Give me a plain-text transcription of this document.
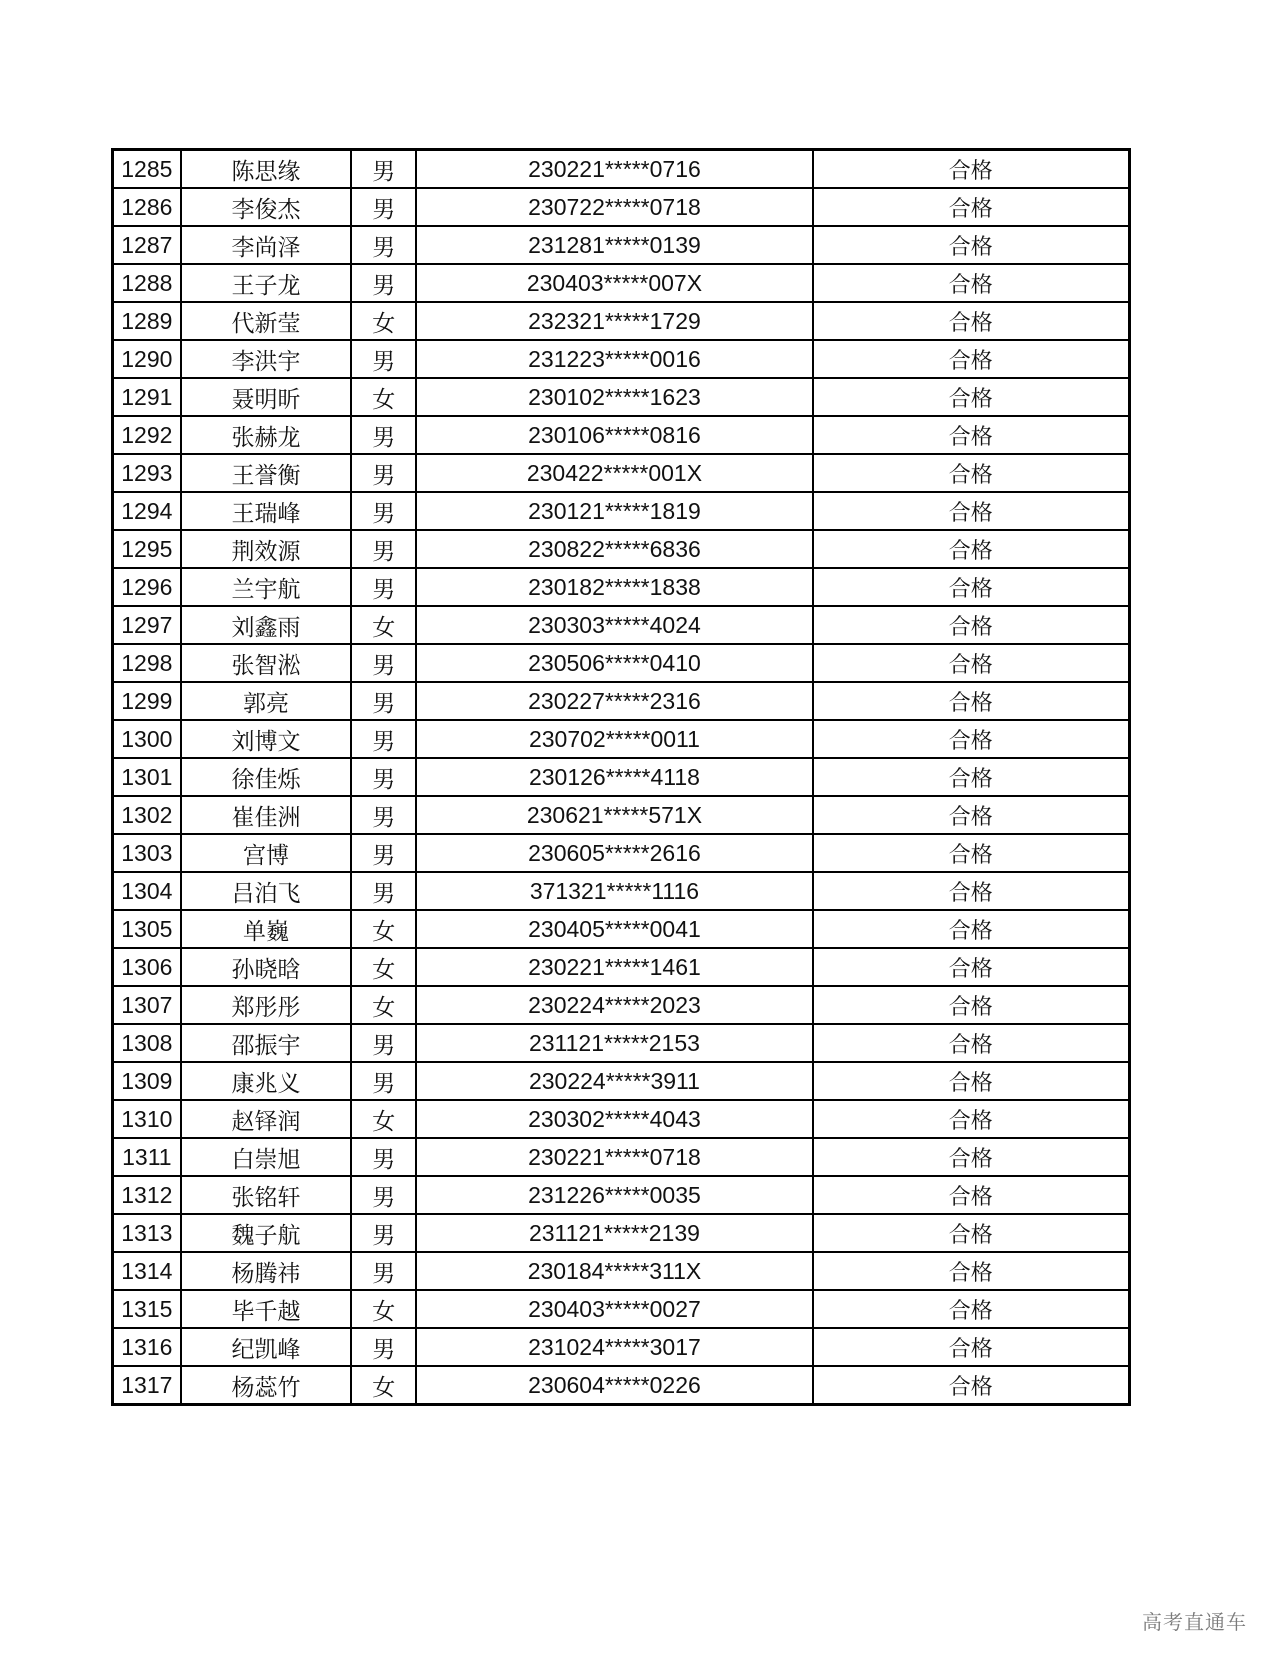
1285	陈思缘	男	230221*****0716	合格
1286	李俊杰	男	230722*****0718	合格
1287	李尚泽	男	231281*****0139	合格
1288	王子龙	男	230403*****007X	合格
1289	代新莹	女	232321*****1729	合格
1290	李洪宇	男	231223*****0016	合格
1291	聂明昕	女	230102*****1623	合格
1292	张赫龙	男	230106*****0816	合格
1293	王誉衡	男	230422*****001X	合格
1294	王瑞峰	男	230121*****1819	合格
1295	荆效源	男	230822*****6836	合格
1296	兰宇航	男	230182*****1838	合格
1297	刘鑫雨	女	230303*****4024	合格
1298	张智淞	男	230506*****0410	合格
1299	郭亮	男	230227*****2316	合格
1300	刘博文	男	230702*****0011	合格
1301	徐佳烁	男	230126*****4118	合格
1302	崔佳洲	男	230621*****571X	合格
1303	宫博	男	230605*****2616	合格
1304	吕泊飞	男	371321*****1116	合格
1305	单巍	女	230405*****0041	合格
1306	孙晓晗	女	230221*****1461	合格
1307	郑彤彤	女	230224*****2023	合格
1308	邵振宇	男	231121*****2153	合格
1309	康兆义	男	230224*****3911	合格
1310	赵铎润	女	230302*****4043	合格
1311	白崇旭	男	230221*****0718	合格
1312	张铭轩	男	231226*****0035	合格
1313	魏子航	男	231121*****2139	合格
1314	杨腾祎	男	230184*****311X	合格
1315	毕千越	女	230403*****0027	合格
1316	纪凯峰	男	231024*****3017	合格
1317	杨蕊竹	女	230604*****0226	合格
高考直通车
